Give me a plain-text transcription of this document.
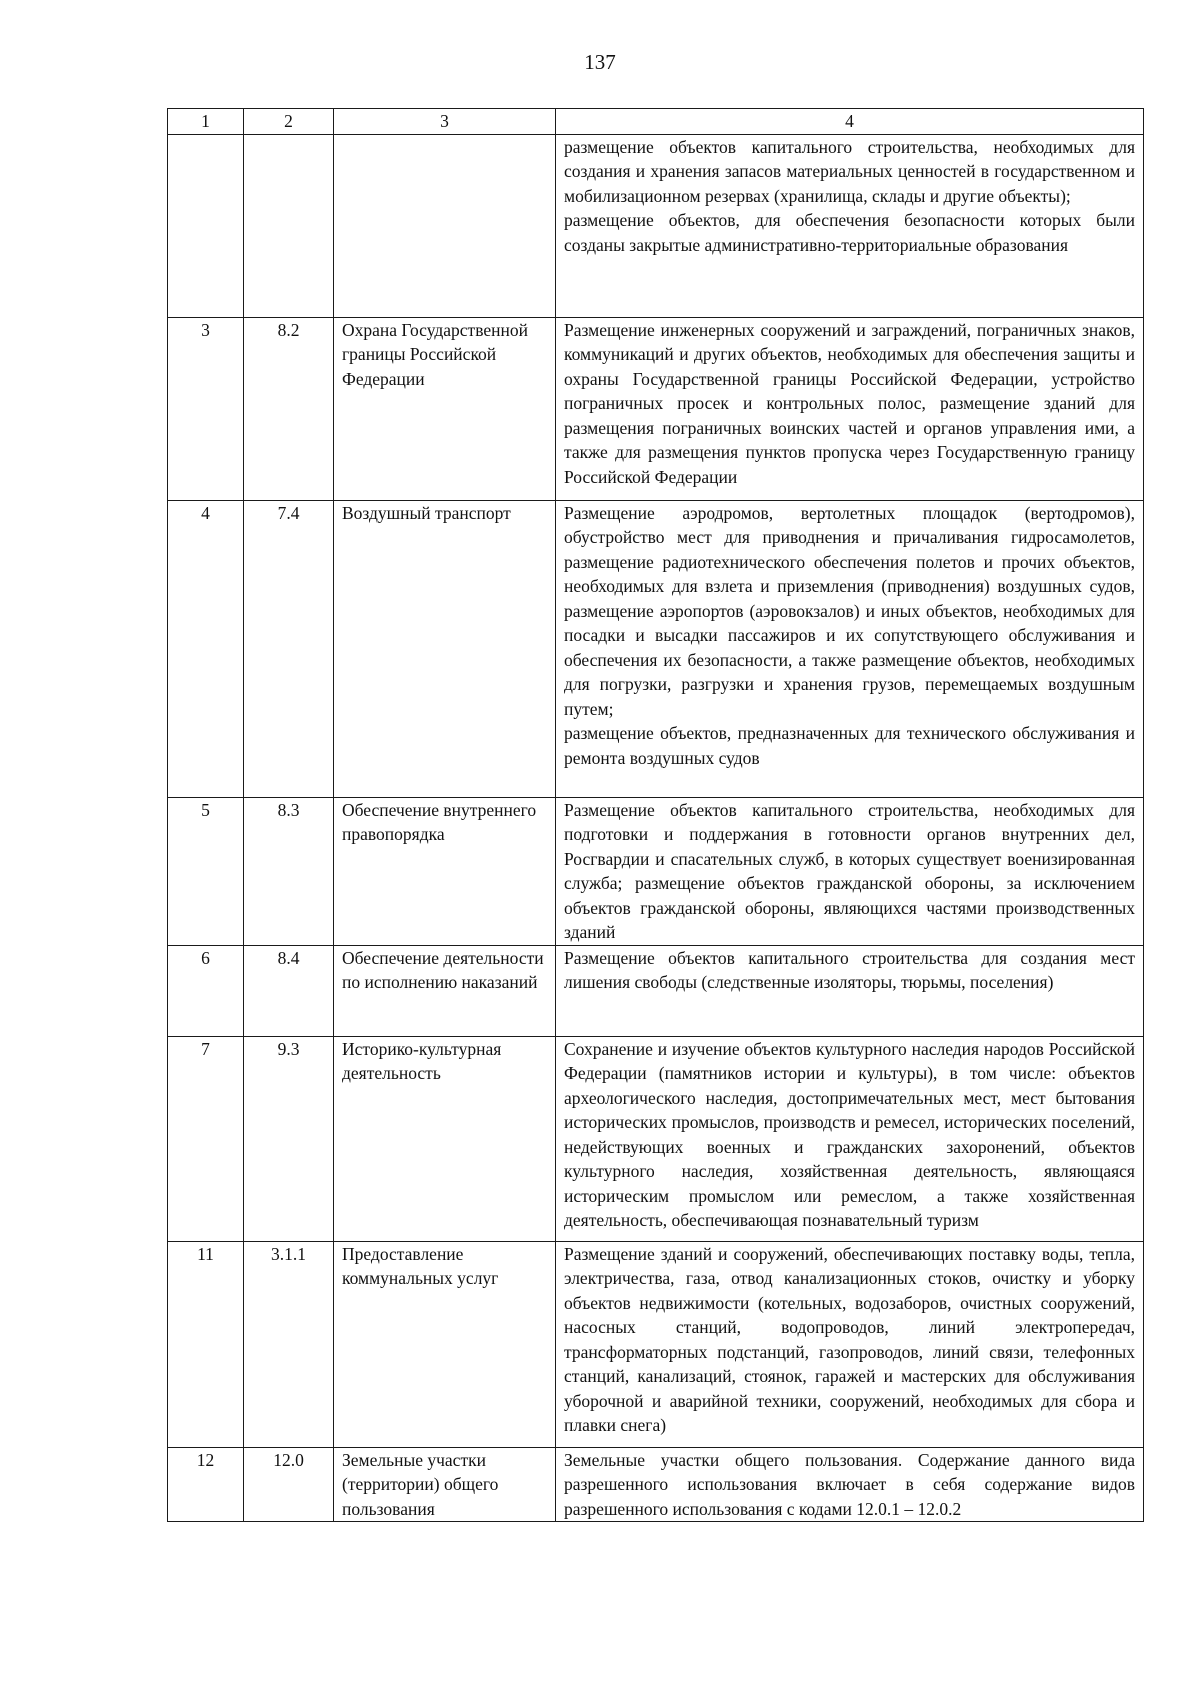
137
1	2	3	4

			размещение объектов капитального строительства, необходимых для создания и хранения запасов материальных ценностей в государственном и мобилизационном резервах (хранилища, склады и другие объекты);
размещение объектов, для обеспечения безопасности которых были созданы закрытые административно-территориальные образования

3	8.2	Охрана Государственной границы Российской Федерации	Размещение инженерных сооружений и заграждений, пограничных знаков, коммуникаций и других объектов, необходимых для обеспечения защиты и охраны Государственной границы Российской Федерации, устройство пограничных просек и контрольных полос, размещение зданий для размещения пограничных воинских частей и органов управления ими, а также для размещения пунктов пропуска через Государственную границу Российской Федерации

4	7.4	Воздушный транспорт	Размещение аэродромов, вертолетных площадок (вертодромов), обустройство мест для приводнения и причаливания гидросамолетов, размещение радиотехнического обеспечения полетов и прочих объектов, необходимых для взлета и приземления (приводнения) воздушных судов, размещение аэропортов (аэровокзалов) и иных объектов, необходимых для посадки и высадки пассажиров и их сопутствующего обслуживания и обеспечения их безопасности, а также размещение объектов, необходимых для погрузки, разгрузки и хранения грузов, перемещаемых воздушным путем;
размещение объектов, предназначенных для технического обслуживания и ремонта воздушных судов

5	8.3	Обеспечение внутреннего правопорядка	Размещение объектов капитального строительства, необходимых для подготовки и поддержания в готовности органов внутренних дел, Росгвардии и спасательных служб, в которых существует военизированная служба; размещение объектов гражданской обороны, за исключением объектов гражданской обороны, являющихся частями производственных зданий

6	8.4	Обеспечение деятельности по исполнению наказаний	Размещение объектов капитального строительства для создания мест лишения свободы (следственные изоляторы, тюрьмы, поселения)

7	9.3	Историко-культурная деятельность	Сохранение и изучение объектов культурного наследия народов Российской Федерации (памятников истории и культуры), в том числе: объектов археологического наследия, достопримечательных мест, мест бытования исторических промыслов, производств и ремесел, исторических поселений, недействующих военных и гражданских захоронений, объектов культурного наследия, хозяйственная деятельность, являющаяся историческим промыслом или ремеслом, а также хозяйственная деятельность, обеспечивающая познавательный туризм

11	3.1.1	Предоставление коммунальных услуг	Размещение зданий и сооружений, обеспечивающих поставку воды, тепла, электричества, газа, отвод канализационных стоков, очистку и уборку объектов недвижимости (котельных, водозаборов, очистных сооружений, насосных станций, водопроводов, линий электропередач, трансформаторных подстанций, газопроводов, линий связи, телефонных станций, канализаций, стоянок, гаражей и мастерских для обслуживания уборочной и аварийной техники, сооружений, необходимых для сбора и плавки снега)

12	12.0	Земельные участки (территории) общего пользования	Земельные участки общего пользования. Содержание данного вида разрешенного использования включает в себя содержание видов разрешенного использования с кодами 12.0.1 – 12.0.2
